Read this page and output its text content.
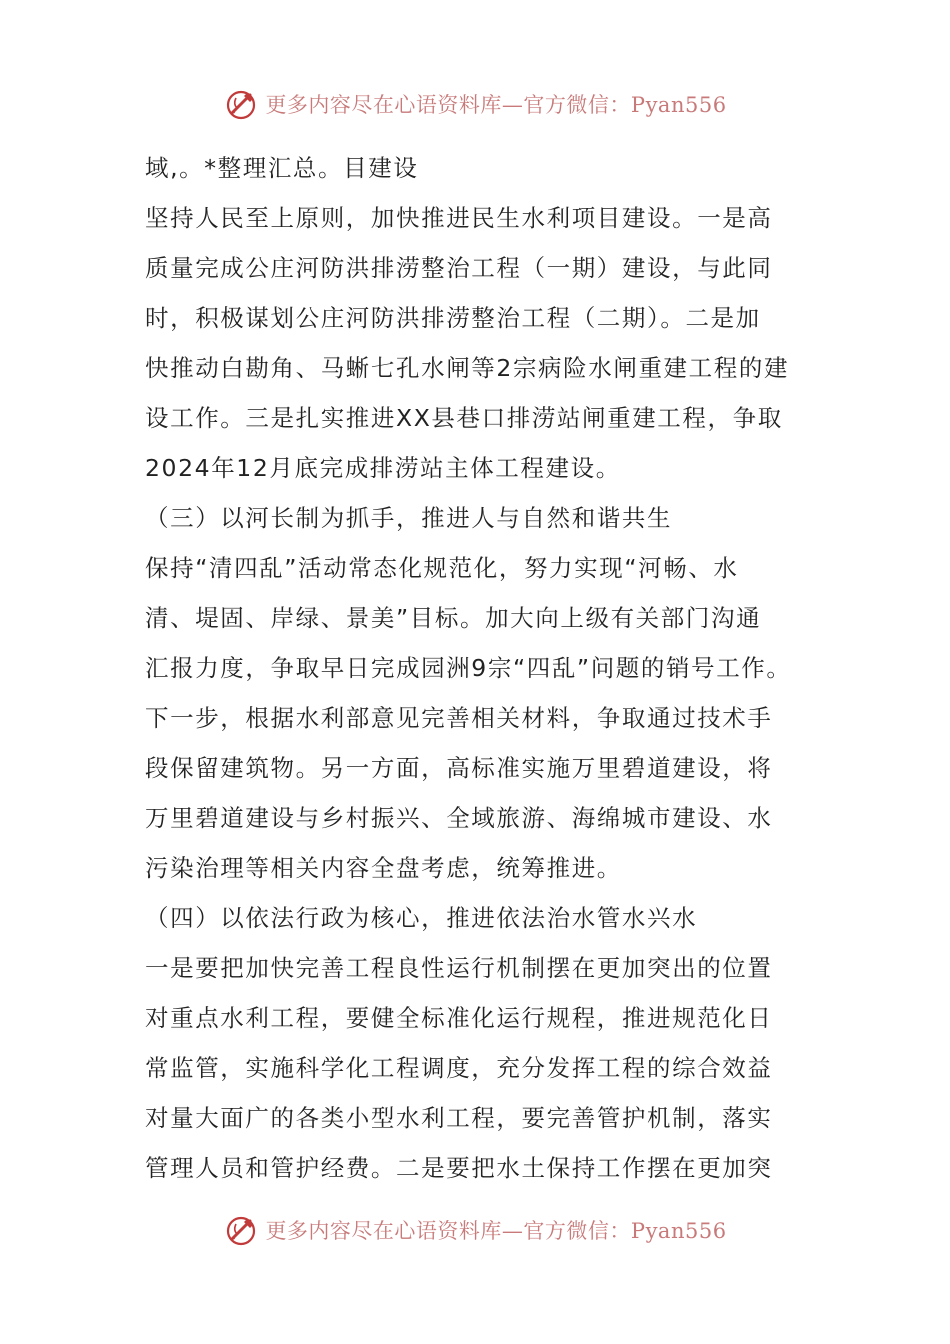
更多内容尽在心语资料库—官方微信：Pyan556
域,。*整理汇总。目建设
坚持人民至上原则，加快推进民生水利项目建设。一是高
质量完成公庄河防洪排涝整治工程（一期）建设，与此同
时，积极谋划公庄河防洪排涝整治工程（二期）。二是加
快推动白勘角、马蜥七孔水闸等2宗病险水闸重建工程的建
设工作。三是扎实推进XX县巷口排涝站闸重建工程，争取
2024年12月底完成排涝站主体工程建设。
（三）以河长制为抓手，推进人与自然和谐共生
保持“清四乱”活动常态化规范化，努力实现“河畅、水
清、堤固、岸绿、景美”目标。加大向上级有关部门沟通
汇报力度，争取早日完成园洲9宗“四乱”问题的销号工作。
下一步，根据水利部意见完善相关材料，争取通过技术手
段保留建筑物。另一方面，高标准实施万里碧道建设，将
万里碧道建设与乡村振兴、全域旅游、海绵城市建设、水
污染治理等相关内容全盘考虑，统筹推进。
（四）以依法行政为核心，推进依法治水管水兴水
一是要把加快完善工程良性运行机制摆在更加突出的位置
对重点水利工程，要健全标准化运行规程，推进规范化日
常监管，实施科学化工程调度，充分发挥工程的综合效益
对量大面广的各类小型水利工程，要完善管护机制，落实
管理人员和管护经费。二是要把水土保持工作摆在更加突
更多内容尽在心语资料库—官方微信：Pyan556
